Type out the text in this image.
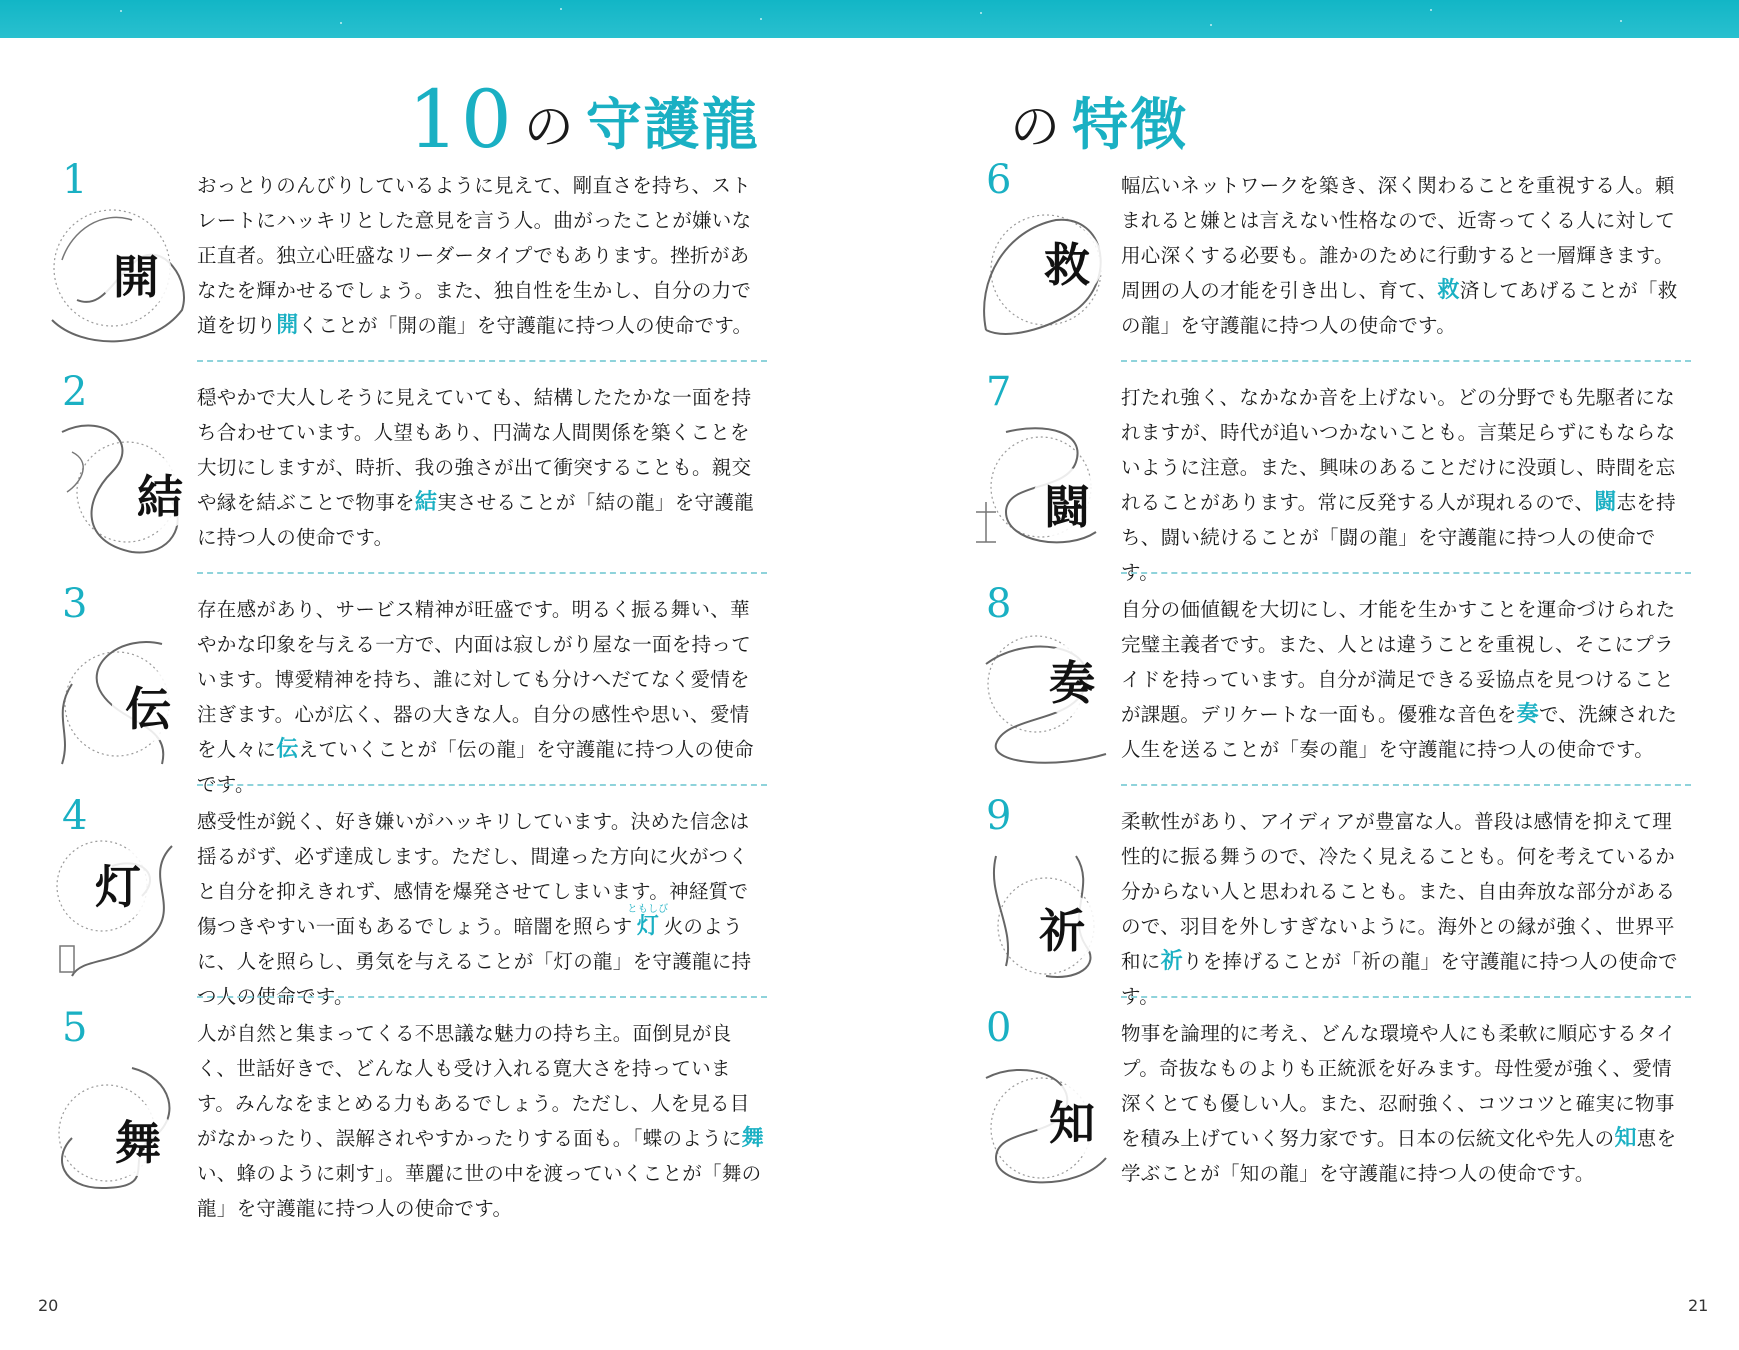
10 の 守護龍	の 特徴
1
開
おっとりのんびりしているように見えて、剛直さを持ち、ストレートにハッキリとした意見を言う人。曲がったことが嫌いな正直者。独立心旺盛なリーダータイプでもあります。挫折があなたを輝かせるでしょう。また、独自性を生かし、自分の力で道を切り開くことが「開の龍」を守護龍に持つ人の使命です。
2
結
穏やかで大人しそうに見えていても、結構したたかな一面を持ち合わせています。人望もあり、円満な人間関係を築くことを大切にしますが、時折、我の強さが出て衝突することも。親交や縁を結ぶことで物事を結実させることが「結の龍」を守護龍に持つ人の使命です。
3
伝
存在感があり、サービス精神が旺盛です。明るく振る舞い、華やかな印象を与える一方で、内面は寂しがり屋な一面を持っています。博愛精神を持ち、誰に対しても分けへだてなく愛情を注ぎます。心が広く、器の大きな人。自分の感性や思い、愛情を人々に伝えていくことが「伝の龍」を守護龍に持つ人の使命です。
4
灯
感受性が鋭く、好き嫌いがハッキリしています。決めた信念は揺るがず、必ず達成します。ただし、間違った方向に火がつくと自分を抑えきれず、感情を爆発させてしまいます。神経質で傷つきやすい一面もあるでしょう。暗闇を照らす灯ともしび火のように、人を照らし、勇気を与えることが「灯の龍」を守護龍に持つ人の使命です。
5
舞
人が自然と集まってくる不思議な魅力の持ち主。面倒見が良く、世話好きで、どんな人も受け入れる寛大さを持っています。みんなをまとめる力もあるでしょう。ただし、人を見る目がなかったり、誤解されやすかったりする面も。「蝶のように舞い、蜂のように刺す」。華麗に世の中を渡っていくことが「舞の龍」を守護龍に持つ人の使命です。
6
救
幅広いネットワークを築き、深く関わることを重視する人。頼まれると嫌とは言えない性格なので、近寄ってくる人に対して用心深くする必要も。誰かのために行動すると一層輝きます。周囲の人の才能を引き出し、育て、救済してあげることが「救の龍」を守護龍に持つ人の使命です。
7
闘
打たれ強く、なかなか音を上げない。どの分野でも先駆者になれますが、時代が追いつかないことも。言葉足らずにもならないように注意。また、興味のあることだけに没頭し、時間を忘れることがあります。常に反発する人が現れるので、闘志を持ち、闘い続けることが「闘の龍」を守護龍に持つ人の使命です。
8
奏
自分の価値観を大切にし、才能を生かすことを運命づけられた完璧主義者です。また、人とは違うことを重視し、そこにプライドを持っています。自分が満足できる妥協点を見つけることが課題。デリケートな一面も。優雅な音色を奏で、洗練された人生を送ることが「奏の龍」を守護龍に持つ人の使命です。
9
祈
柔軟性があり、アイディアが豊富な人。普段は感情を抑えて理性的に振る舞うので、冷たく見えることも。何を考えているか分からない人と思われることも。また、自由奔放な部分があるので、羽目を外しすぎないように。海外との縁が強く、世界平和に祈りを捧げることが「祈の龍」を守護龍に持つ人の使命です。
0
知
物事を論理的に考え、どんな環境や人にも柔軟に順応するタイプ。奇抜なものよりも正統派を好みます。母性愛が強く、愛情深くとても優しい人。また、忍耐強く、コツコツと確実に物事を積み上げていく努力家です。日本の伝統文化や先人の知恵を学ぶことが「知の龍」を守護龍に持つ人の使命です。
20	21
